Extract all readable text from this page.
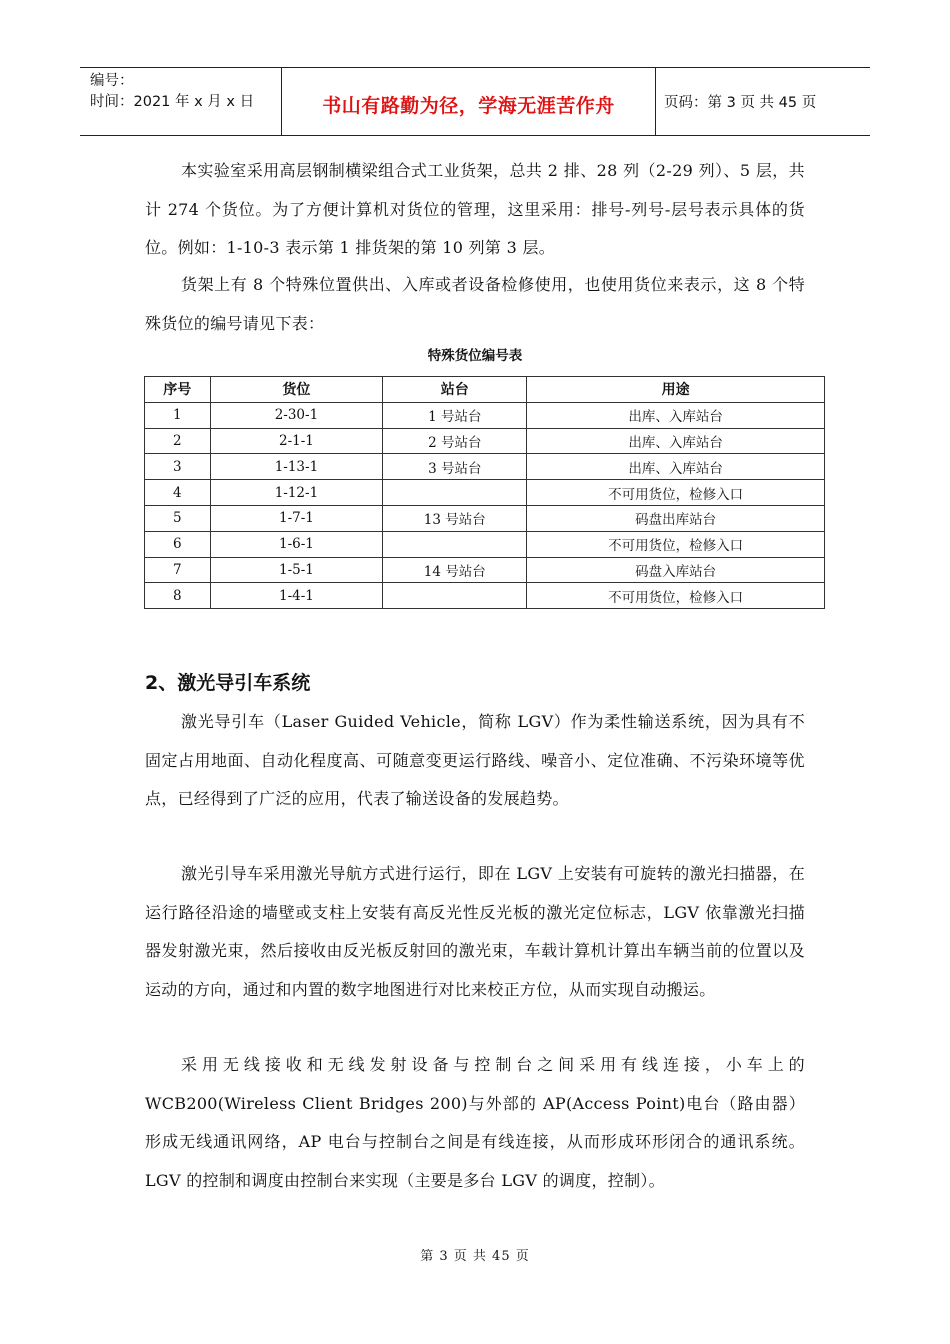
编号：
时间：2021 年 x 月 x 日	书山有路勤为径，学海无涯苦作舟	页码：第 3 页 共 45 页

本实验室采用高层钢制横梁组合式工业货架，总共 2 排、28 列（2-29 列）、5 层，共计 274 个货位。为了方便计算机对货位的管理，这里采用：排号-列号-层号表示具体的货位。例如：1-10-3 表示第 1 排货架的第 10 列第 3 层。

货架上有 8 个特殊位置供出、入库或者设备检修使用，也使用货位来表示，这 8 个特殊货位的编号请见下表：

特殊货位编号表
序号	货位	站台	用途
1	2-30-1	1 号站台	出库、入库站台
2	2-1-1	2 号站台	出库、入库站台
3	1-13-1	3 号站台	出库、入库站台
4	1-12-1		不可用货位，检修入口
5	1-7-1	13 号站台	码盘出库站台
6	1-6-1		不可用货位，检修入口
7	1-5-1	14 号站台	码盘入库站台
8	1-4-1		不可用货位，检修入口
2、激光导引车系统

激光导引车（Laser Guided Vehicle，简称 LGV）作为柔性输送系统，因为具有不固定占用地面、自动化程度高、可随意变更运行路线、噪音小、定位准确、不污染环境等优点，已经得到了广泛的应用，代表了输送设备的发展趋势。

激光引导车采用激光导航方式进行运行，即在 LGV 上安装有可旋转的激光扫描器，在运行路径沿途的墙壁或支柱上安装有高反光性反光板的激光定位标志，LGV 依靠激光扫描器发射激光束，然后接收由反光板反射回的激光束，车载计算机计算出车辆当前的位置以及运动的方向，通过和内置的数字地图进行对比来校正方位，从而实现自动搬运。

采用无线接收和无线发射设备与控制台之间采用有线连接，小车上的 WCB200(Wireless Client Bridges 200)与外部的 AP(Access Point)电台（路由器）形成无线通讯网络，AP 电台与控制台之间是有线连接，从而形成环形闭合的通讯系统。LGV 的控制和调度由控制台来实现（主要是多台 LGV 的调度，控制）。

第 3 页 共 45 页
